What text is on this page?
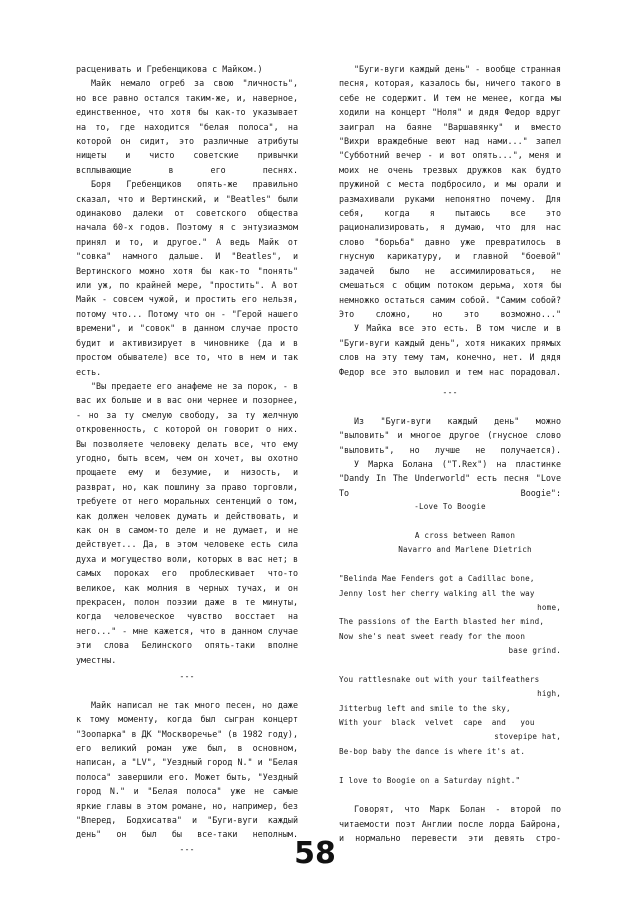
расценивать и Гребенщикова с Майком.)
Майк немало огреб за свою "личность",
но все равно остался таким-же, и, наверное, единственное, что хотя бы как-то указывает на то, где находится "белая полоса", на которой он сидит, это различные атрибуты нищеты и чисто советские привычки всплывающие в его песнях.
Боря Гребенщиков опять-же правильно сказал, что и Вертинский, и "Beatles" были одинаково далеки от советского общества начала 60-х годов. Поэтому я с энтузиазмом принял и то, и другое." А ведь Майк от "совка" намного дальше. И "Beatles", и Вертинского можно хотя бы как-то "понять" или уж, по крайней мере, "простить". А вот Майк - совсем чужой, и простить его нельзя, потому что... Потому что он - "Герой нашего времени", и "совок" в данном случае просто будит и активизирует в чиновнике (да и в простом обывателе) все то, что в нем и так есть.
"Вы предаете его анафеме не за порок, - в вас их больше и в вас они чернее и позорнее, - но за ту смелую свободу, за ту желчную откровенность, с которой он говорит о них. Вы позволяете человеку делать все, что ему угодно, быть всем, чем он хочет, вы охотно прощаете ему и безумие, и низость, и разврат, но, как пошлину за право торговли, требуете от него моральных сентенций о том, как должен человек думать и действовать, и как он в самом-то деле и не думает, и не действует... Да, в этом человеке есть сила духа и могущество воли, которых в вас нет; в самых пороках его проблескивает что-то великое, как молния в черных тучах, и он прекрасен, полон поэзии даже в те минуты, когда человеческое чувство восстает на него..." - мне кажется, что в данном случае эти слова Белинского опять-таки вполне уместны.
---
Майк написал не так много песен, но даже к тому моменту, когда был сыгран концерт "Зоопарка" в ДК "Москворечье" (в 1982 году), его великий роман уже был, в основном, написан, а "LV", "Уездный город N." и "Белая полоса" завершили его. Может быть, "Уездный город N." и "Белая полоса" уже не самые яркие главы в этом романе, но, например, без "Вперед, Бодхисатва" и "Буги-вуги каждый день" он был бы все-таки неполным.
---
"Буги-вуги каждый день" - вообще странная песня, которая, казалось бы, ничего такого в себе не содержит. И тем не менее, когда мы ходили на концерт "Ноля" и дядя Федор вдруг заиграл на баяне "Варшавянку" и вместо "Вихри враждебные веют над нами..." запел "Субботний вечер - и вот опять...", меня и моих не очень трезвых дружков как будто пружиной с места подбросило, и мы орали и размахивали руками непонятно почему. Для себя, когда я пытаюсь все это рационализировать, я думаю, что для нас слово "борьба" давно уже превратилось в гнусную карикатуру, и главной "боевой" задачей было не ассимилироваться, не смешаться с общим потоком дерьма, хотя бы немножко остаться самим собой. "Самим собой? Это сложно, но это возможно..."
У Майка все это есть. В том числе и в "Буги-вуги каждый день", хотя никаких прямых слов на эту тему там, конечно, нет. И дядя Федор все это выловил и тем нас порадовал.
---
Из "Буги-вуги каждый день" можно "выловить" и многое другое (гнусное слово "выловить", но лучше не получается).
У Марка Болана ("T.Rex") на пластинке "Dandy In The Underworld" есть песня "Love To Boogie":
-Love To Boogie
A cross between Ramon
Navarro and Marlene Dietrich
"Belinda Mae Fenders got a Cadillac bone,
Jenny lost her cherry walking all the way
home,
The passions of the Earth blasted her mind,
Now she's neat sweet ready for the moon
base grind.
You rattlesnake out with your tailfeathers
high,
Jitterbug left and smile to the sky,
With your  black  velvet  cape  and   you
stovepipe hat,
Be-bop baby the dance is where it's at.
I love to Boogie on a Saturday night."
Говорят, что Марк Болан - второй по читаемости поэт Англии после лорда Байрона, и нормально перевести эти девять стро-
58
